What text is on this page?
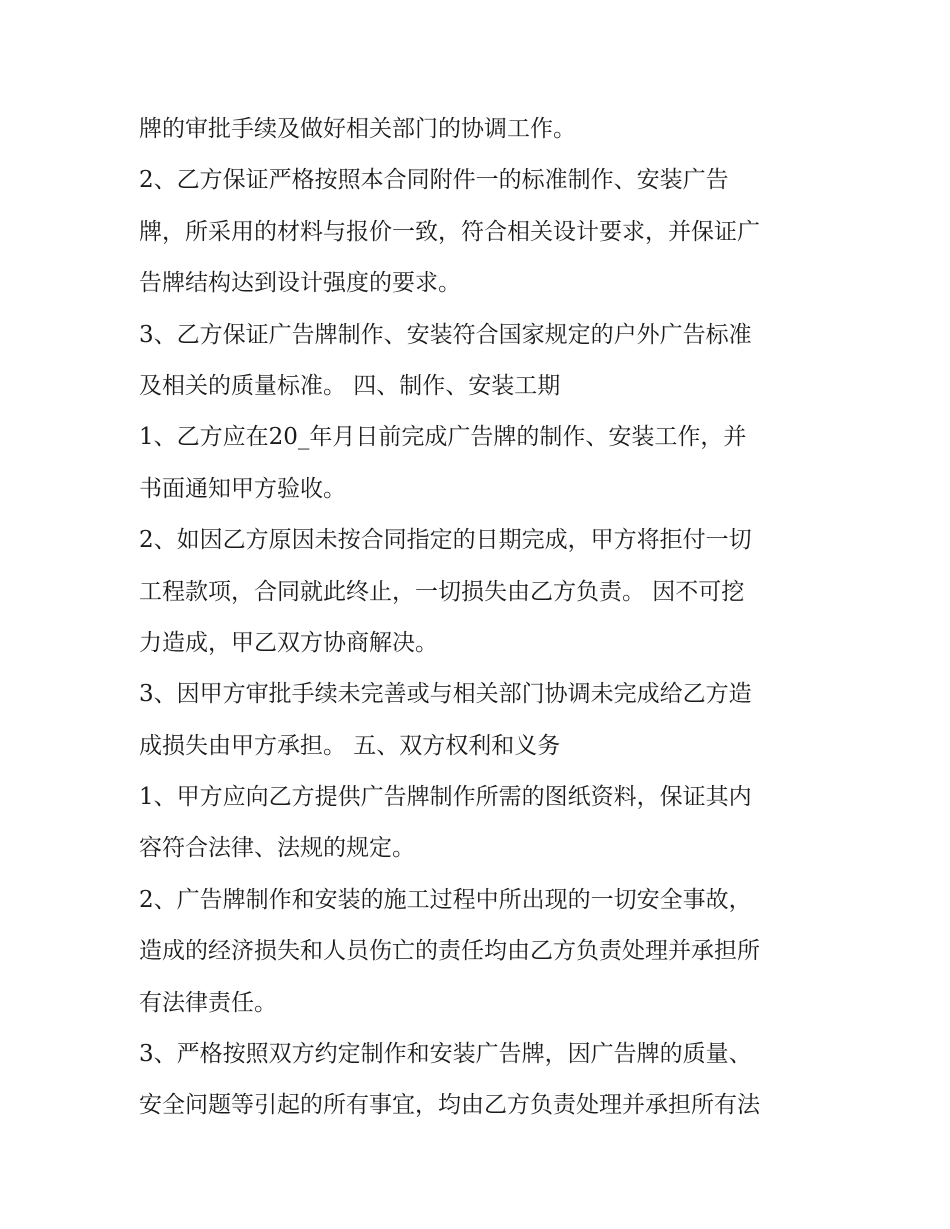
牌的审批手续及做好相关部门的协调工作。
2、乙方保证严格按照本合同附件一的标准制作、安装广告
牌，所采用的材料与报价一致，符合相关设计要求，并保证广
告牌结构达到设计强度的要求。
3、乙方保证广告牌制作、安装符合国家规定的户外广告标准
及相关的质量标准。 四、制作、安装工期
1、乙方应在20_年月日前完成广告牌的制作、安装工作，并
书面通知甲方验收。
2、如因乙方原因未按合同指定的日期完成，甲方将拒付一切
工程款项，合同就此终止，一切损失由乙方负责。 因不可挖
力造成，甲乙双方协商解决。
3、因甲方审批手续未完善或与相关部门协调未完成给乙方造
成损失由甲方承担。 五、双方权利和义务
1、甲方应向乙方提供广告牌制作所需的图纸资料，保证其内
容符合法律、法规的规定。
2、广告牌制作和安装的施工过程中所出现的一切安全事故，
造成的经济损失和人员伤亡的责任均由乙方负责处理并承担所
有法律责任。
3、严格按照双方约定制作和安装广告牌，因广告牌的质量、
安全问题等引起的所有事宜，均由乙方负责处理并承担所有法
